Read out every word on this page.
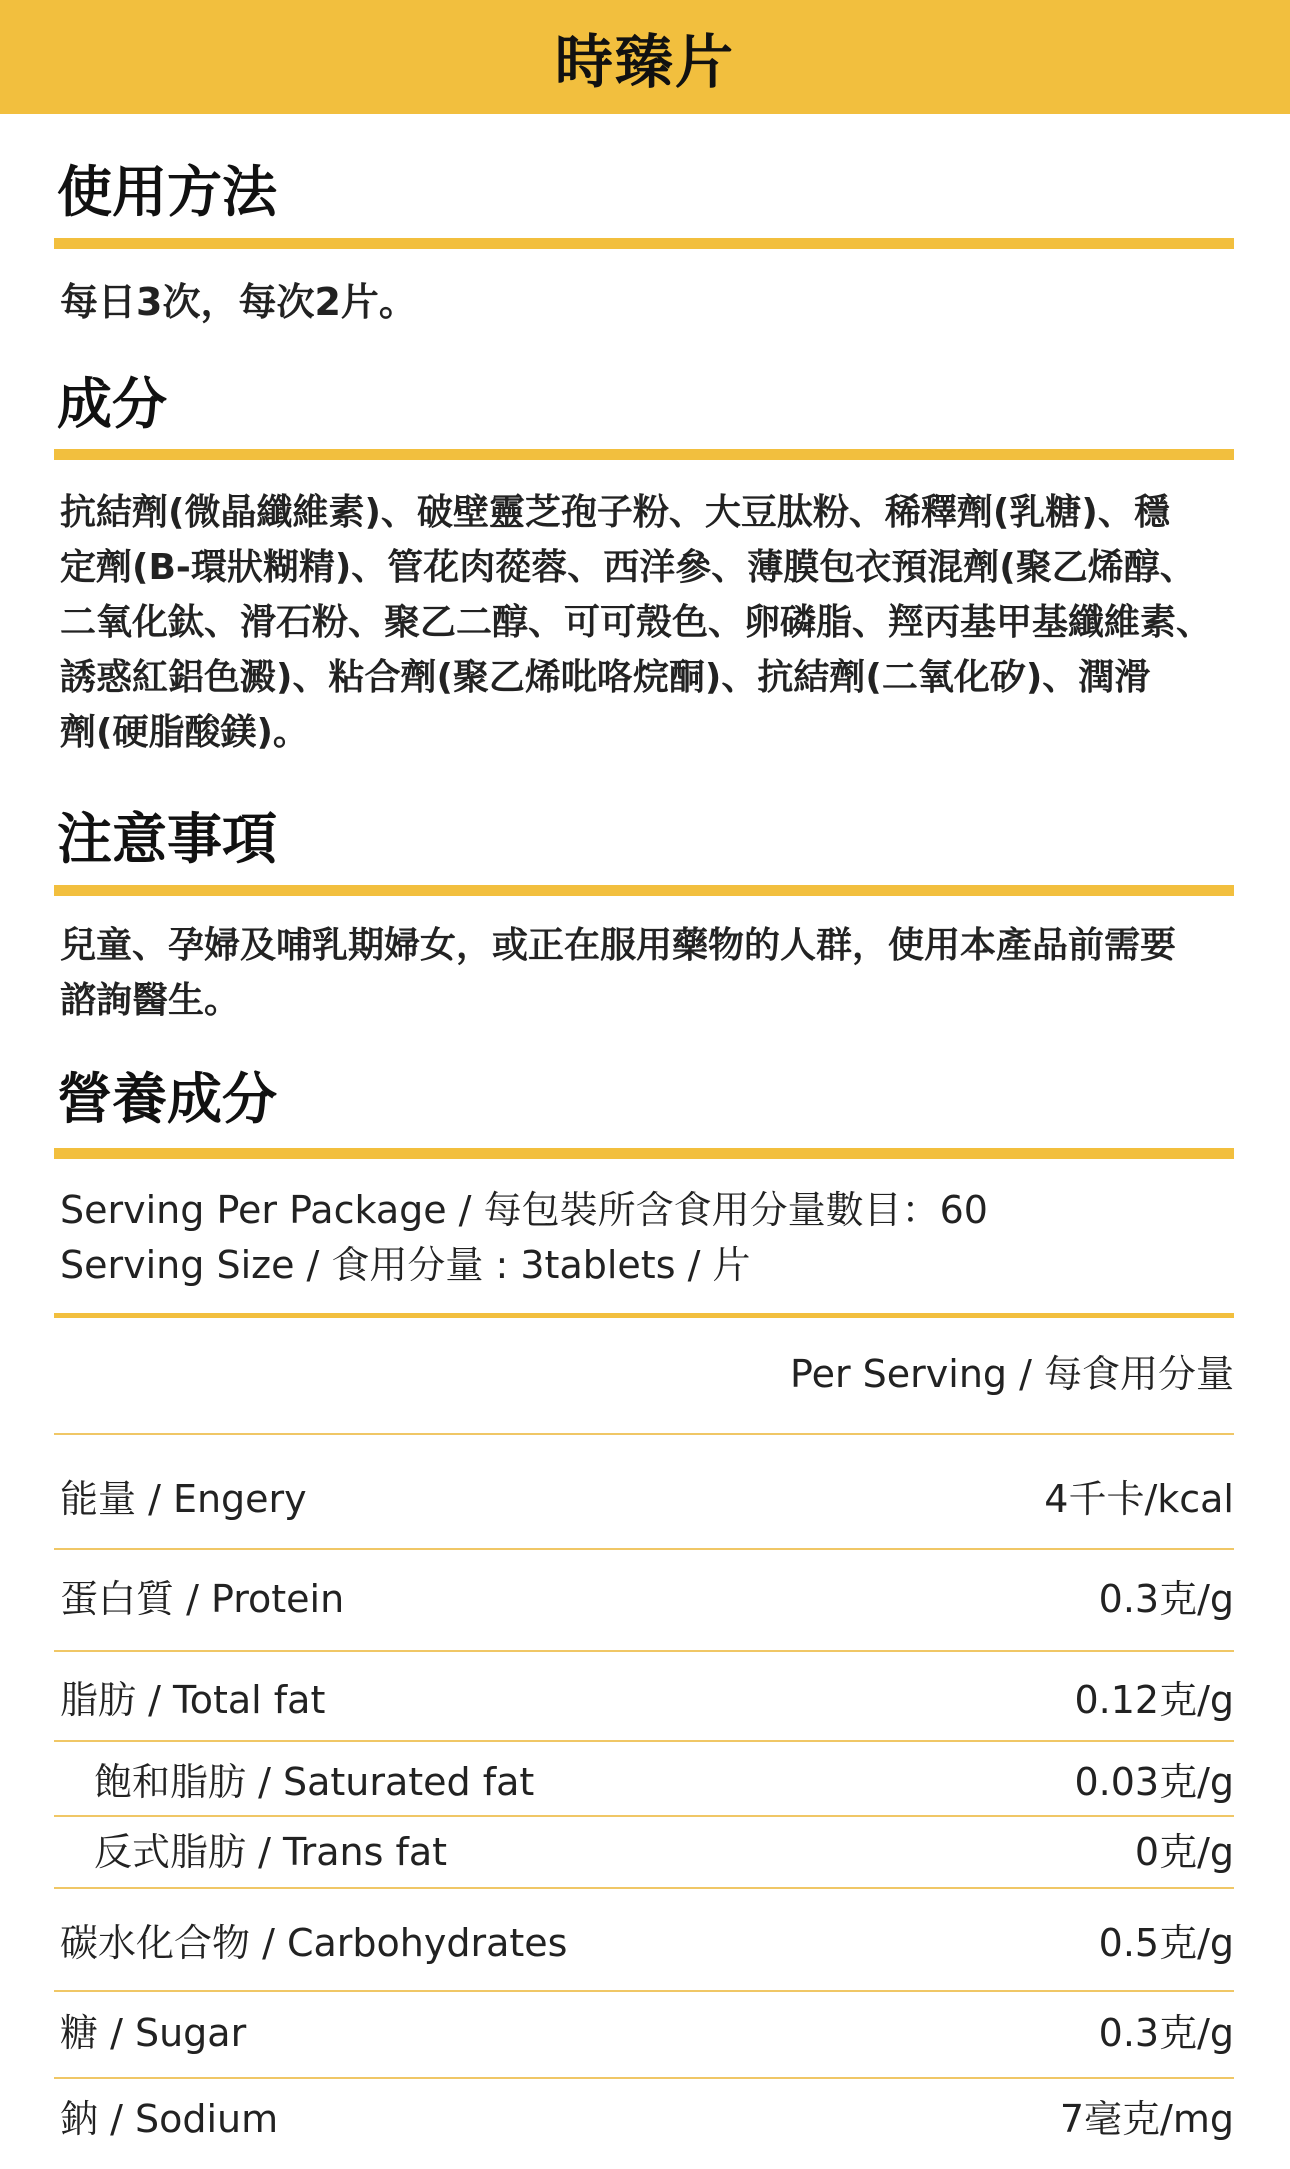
時臻片
使用方法
每日3次，每次2片。
成分
抗結劑(微晶纖維素)、破壁靈芝孢子粉、大豆肽粉、稀釋劑(乳糖)、穩
定劑(B-環狀糊精)、管花肉蓯蓉、西洋參、薄膜包衣預混劑(聚乙烯醇、
二氧化鈦、滑石粉、聚乙二醇、可可殼色、卵磷脂、羥丙基甲基纖維素、
誘惑紅鋁色澱)、粘合劑(聚乙烯吡咯烷酮)、抗結劑(二氧化矽)、潤滑
劑(硬脂酸鎂)。
注意事項
兒童、孕婦及哺乳期婦女，或正在服用藥物的人群，使用本產品前需要
諮詢醫生。
營養成分
Serving Per Package / 每包裝所含食用分量數目：60
Serving Size / 食用分量 : 3tablets / 片
Per Serving / 每食用分量
能量 / Engery	4千卡/kcal
蛋白質 / Protein	0.3克/g
脂肪 / Total fat	0.12克/g
飽和脂肪 / Saturated fat	0.03克/g
反式脂肪 / Trans fat	0克/g
碳水化合物 / Carbohydrates	0.5克/g
糖 / Sugar	0.3克/g
鈉 / Sodium	7毫克/mg
